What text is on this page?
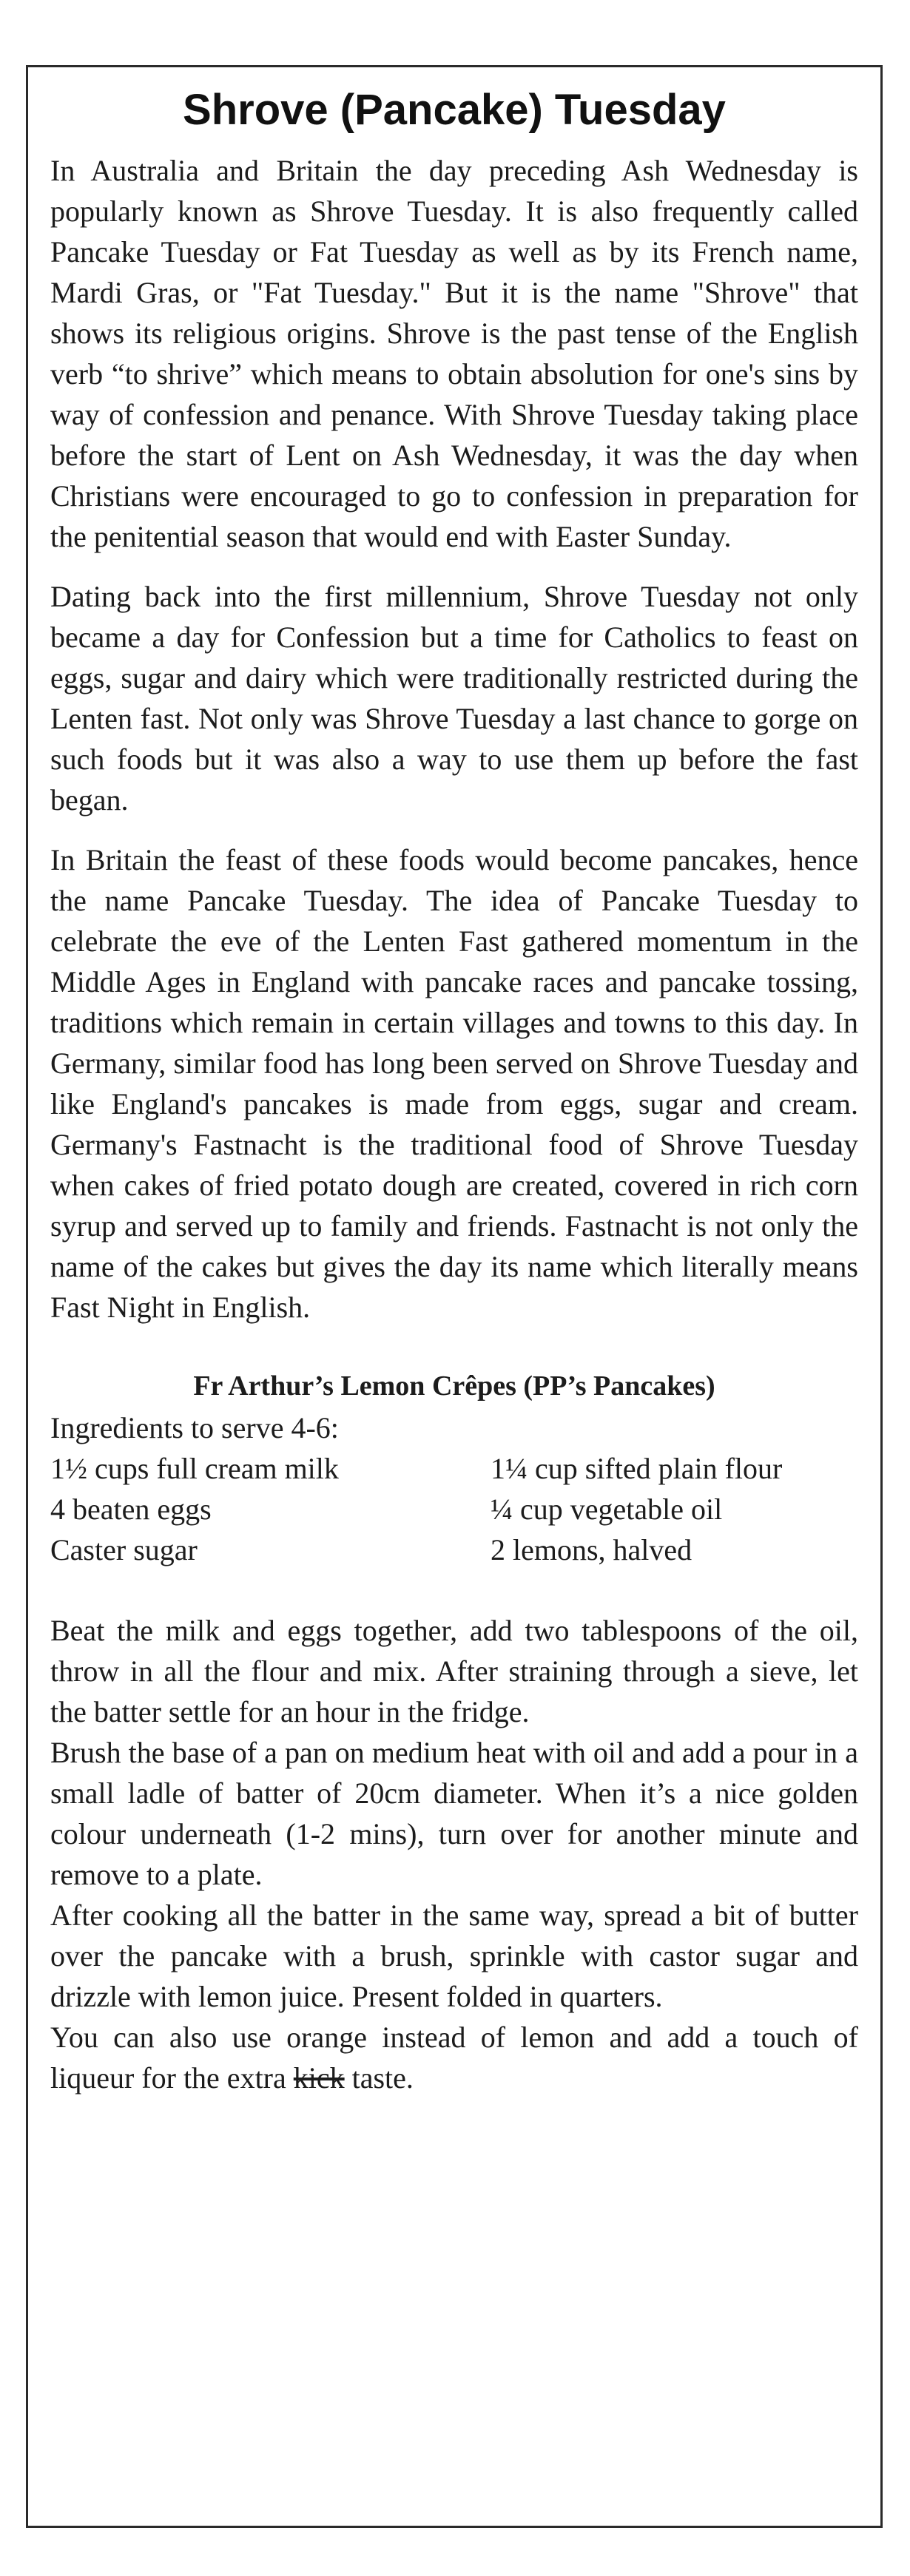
Shrove (Pancake) Tuesday

In Australia and Britain the day preceding Ash Wednesday is popularly known as Shrove Tuesday. It is also frequently called Pancake Tuesday or Fat Tuesday as well as by its French name, Mardi Gras, or "Fat Tuesday." But it is the name "Shrove" that shows its religious origins. Shrove is the past tense of the English verb “to shrive” which means to obtain absolution for one's sins by way of confession and penance. With Shrove Tuesday taking place before the start of Lent on Ash Wednesday, it was the day when Christians were encouraged to go to confession in preparation for the penitential season that would end with Easter Sunday.

Dating back into the first millennium, Shrove Tuesday not only became a day for Confession but a time for Catholics to feast on eggs, sugar and dairy which were traditionally restricted during the Lenten fast. Not only was Shrove Tuesday a last chance to gorge on such foods but it was also a way to use them up before the fast began.

In Britain the feast of these foods would become pancakes, hence the name Pancake Tuesday. The idea of Pancake Tuesday to celebrate the eve of the Lenten Fast gathered momentum in the Middle Ages in England with pancake races and pancake tossing, traditions which remain in certain villages and towns to this day. In Germany, similar food has long been served on Shrove Tuesday and like England's pancakes is made from eggs, sugar and cream. Germany's Fastnacht is the traditional food of Shrove Tuesday when cakes of fried potato dough are created, covered in rich corn syrup and served up to family and friends. Fastnacht is not only the name of the cakes but gives the day its name which literally means Fast Night in English.

Fr Arthur’s Lemon Crêpes (PP’s Pancakes)
Ingredients to serve 4-6:
1½ cups full cream milk	1¼ cup sifted plain flour
4 beaten eggs	¼ cup vegetable oil
Caster sugar	2 lemons, halved

Beat the milk and eggs together, add two tablespoons of the oil, throw in all the flour and mix. After straining through a sieve, let the batter settle for an hour in the fridge.

Brush the base of a pan on medium heat with oil and add a pour in a small ladle of batter of 20cm diameter. When it’s a nice golden colour underneath (1-2 mins), turn over for another minute and remove to a plate.

After cooking all the batter in the same way, spread a bit of butter over the pancake with a brush, sprinkle with castor sugar and drizzle with lemon juice. Present folded in quarters.

You can also use orange instead of lemon and add a touch of liqueur for the extra kick taste.
